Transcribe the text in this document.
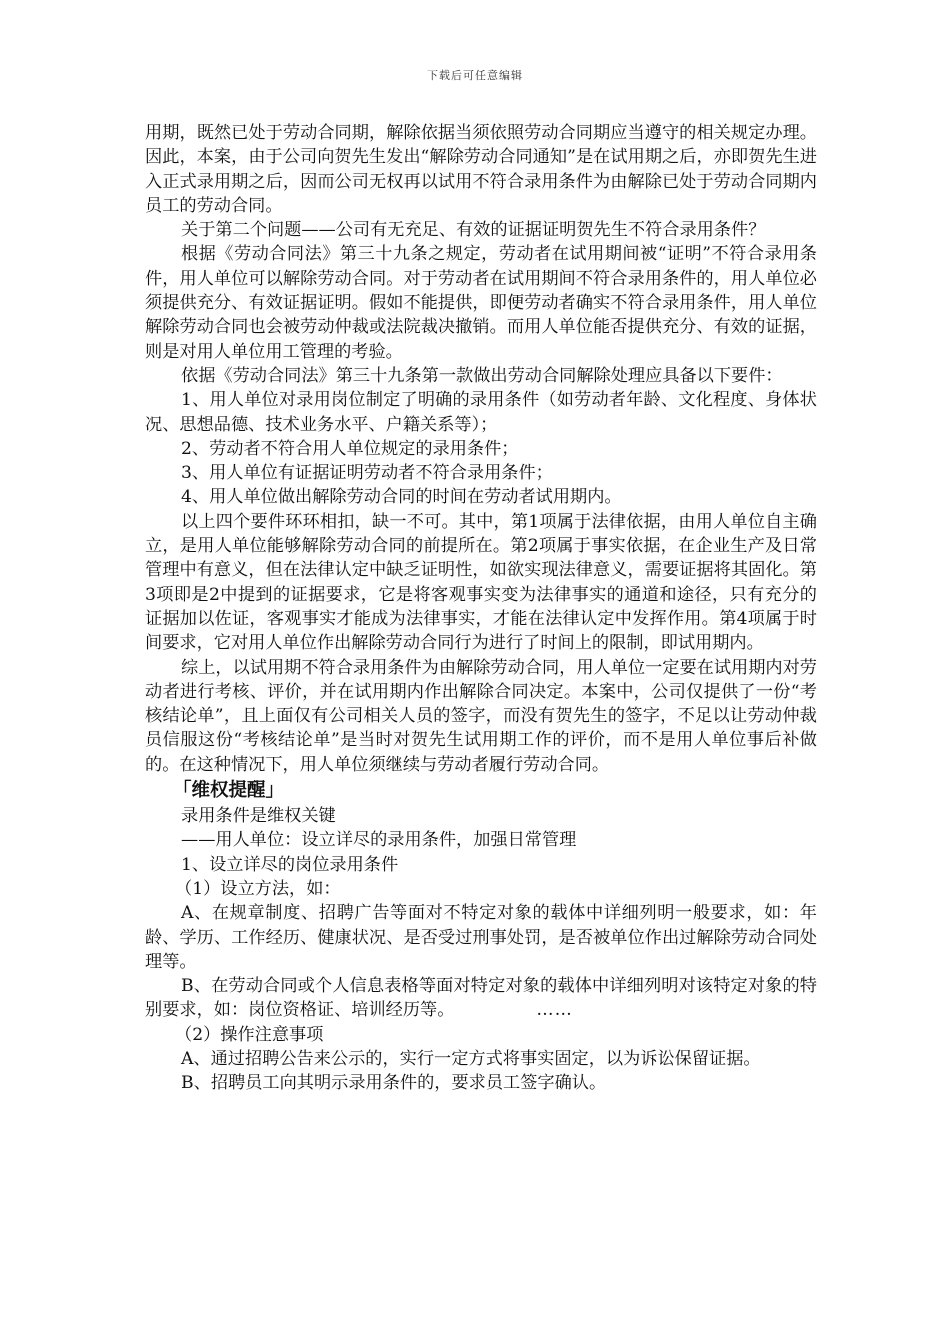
下载后可任意编辑

用期，既然已处于劳动合同期，解除依据当须依照劳动合同期应当遵守的相关规定办理。因此，本案，由于公司向贺先生发出“解除劳动合同通知”是在试用期之后，亦即贺先生进入正式录用期之后，因而公司无权再以试用不符合录用条件为由解除已处于劳动合同期内员工的劳动合同。

关于第二个问题——公司有无充足、有效的证据证明贺先生不符合录用条件？

根据《劳动合同法》第三十九条之规定，劳动者在试用期间被“证明”不符合录用条件，用人单位可以解除劳动合同。对于劳动者在试用期间不符合录用条件的，用人单位必须提供充分、有效证据证明。假如不能提供，即便劳动者确实不符合录用条件，用人单位解除劳动合同也会被劳动仲裁或法院裁决撤销。而用人单位能否提供充分、有效的证据，则是对用人单位用工管理的考验。

依据《劳动合同法》第三十九条第一款做出劳动合同解除处理应具备以下要件：

1、用人单位对录用岗位制定了明确的录用条件（如劳动者年龄、文化程度、身体状况、思想品德、技术业务水平、户籍关系等）；

2、劳动者不符合用人单位规定的录用条件；

3、用人单位有证据证明劳动者不符合录用条件；

4、用人单位做出解除劳动合同的时间在劳动者试用期内。

以上四个要件环环相扣，缺一不可。其中，第1项属于法律依据，由用人单位自主确立，是用人单位能够解除劳动合同的前提所在。第2项属于事实依据，在企业生产及日常管理中有意义，但在法律认定中缺乏证明性，如欲实现法律意义，需要证据将其固化。第3项即是2中提到的证据要求，它是将客观事实变为法律事实的通道和途径，只有充分的证据加以佐证，客观事实才能成为法律事实，才能在法律认定中发挥作用。第4项属于时间要求，它对用人单位作出解除劳动合同行为进行了时间上的限制，即试用期内。

综上，以试用期不符合录用条件为由解除劳动合同，用人单位一定要在试用期内对劳动者进行考核、评价，并在试用期内作出解除合同决定。本案中，公司仅提供了一份“考核结论单”，且上面仅有公司相关人员的签字，而没有贺先生的签字，不足以让劳动仲裁员信服这份“考核结论单”是当时对贺先生试用期工作的评价，而不是用人单位事后补做的。在这种情况下，用人单位须继续与劳动者履行劳动合同。

「维权提醒」

录用条件是维权关键

——用人单位：设立详尽的录用条件，加强日常管理

1、设立详尽的岗位录用条件

（1）设立方法，如：

A、在规章制度、招聘广告等面对不特定对象的载体中详细列明一般要求，如：年龄、学历、工作经历、健康状况、是否受过刑事处罚，是否被单位作出过解除劳动合同处理等。

B、在劳动合同或个人信息表格等面对特定对象的载体中详细列明对该特定对象的特别要求，如：岗位资格证、培训经历等。	……

（2）操作注意事项

A、通过招聘公告来公示的，实行一定方式将事实固定，以为诉讼保留证据。

B、招聘员工向其明示录用条件的，要求员工签字确认。
